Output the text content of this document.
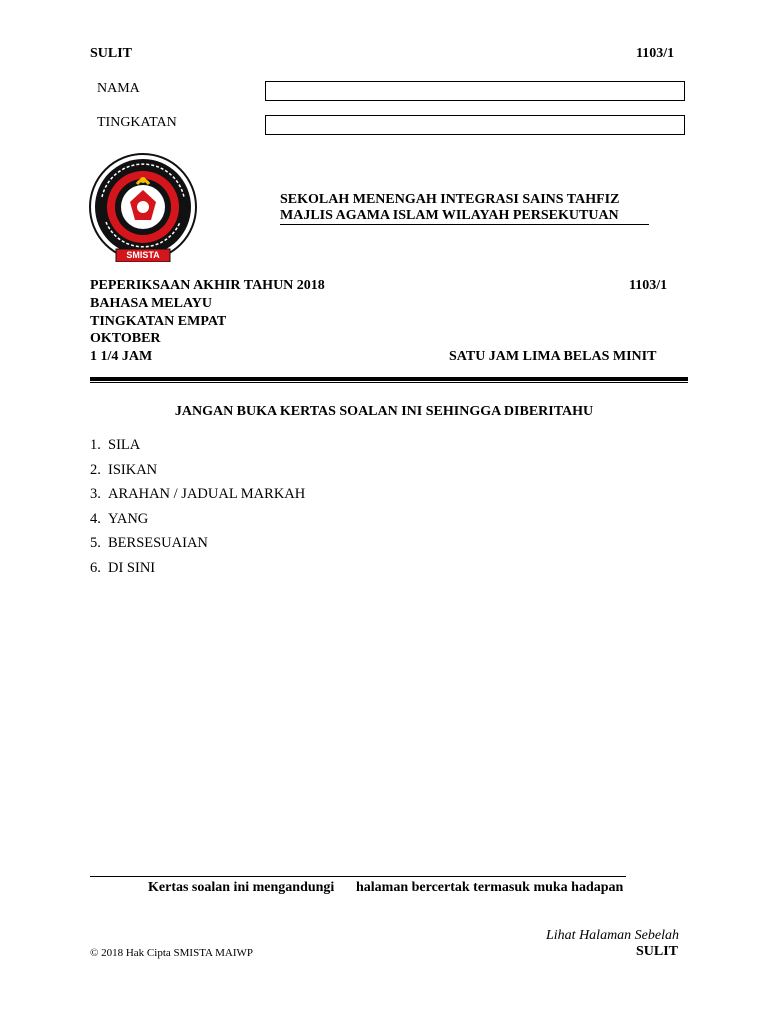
SULIT	1103/1
NAMA
TINGKATAN
SMISTA
SEKOLAH MENENGAH INTEGRASI SAINS TAHFIZ
MAJLIS AGAMA ISLAM WILAYAH PERSEKUTUAN
PEPERIKSAAN AKHIR TAHUN 2018	1103/1
BAHASA MELAYU
TINGKATAN EMPAT
OKTOBER
1 1/4 JAM	SATU JAM LIMA BELAS MINIT
JANGAN BUKA KERTAS SOALAN INI SEHINGGA DIBERITAHU
1. SILA
2. ISIKAN
3. ARAHAN / JADUAL MARKAH
4. YANG
5. BERSESUAIAN
6. DI SINI
Kertas soalan ini mengandungi halaman bercertak termasuk muka hadapan
Lihat Halaman Sebelah
© 2018 Hak Cipta SMISTA MAIWP	SULIT
